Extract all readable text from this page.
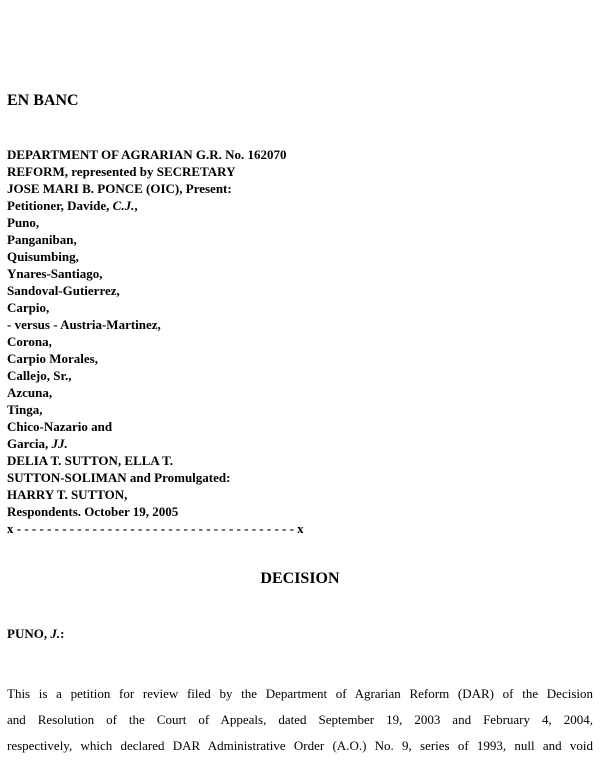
EN BANC
DEPARTMENT OF AGRARIAN G.R. No. 162070
REFORM, represented by SECRETARY
JOSE MARI B. PONCE (OIC), Present:
Petitioner, Davide, C.J.,
Puno,
Panganiban,
Quisumbing,
Ynares-Santiago,
Sandoval-Gutierrez,
Carpio,
- versus - Austria-Martinez,
Corona,
Carpio Morales,
Callejo, Sr.,
Azcuna,
Tinga,
Chico-Nazario and
Garcia, JJ.
DELIA T. SUTTON, ELLA T.
SUTTON-SOLIMAN and Promulgated:
HARRY T. SUTTON,
Respondents. October 19, 2005
x - - - - - - - - - - - - - - - - - - - - - - - - - - - - - - - - - - - - - x
DECISION
PUNO, J.:
This is a petition for review filed by the Department of Agrarian Reform (DAR) of the Decision
and Resolution of the Court of Appeals, dated September 19, 2003 and February 4, 2004,
respectively, which declared DAR Administrative Order (A.O.) No. 9, series of 1993, null and void
